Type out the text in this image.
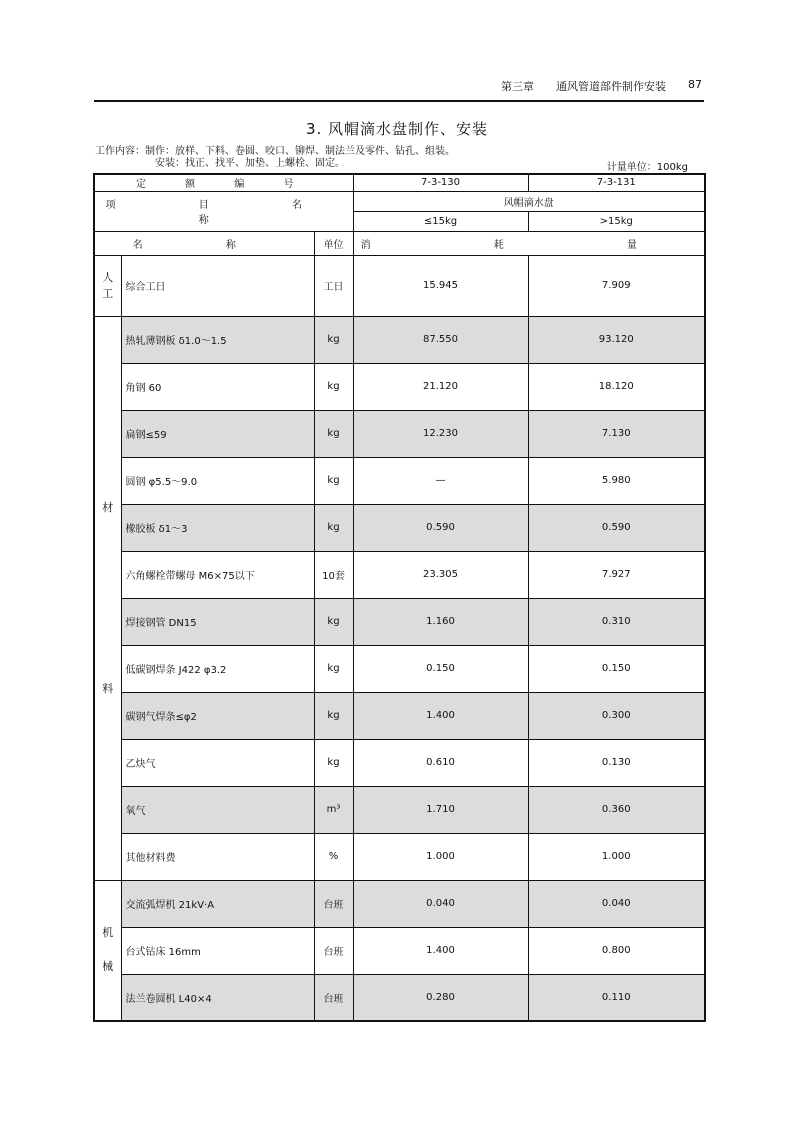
第三章 通风管道部件制作安装 87
3. 风帽滴水盘制作、安装
工作内容：制作：放样、下料、卷圆、咬口、铆焊、制法兰及零件、钻孔、组装。
安装：找正、找平、加垫、上螺栓、固定。	计量单位：100kg
定 额 编 号			7-3-130	7-3-131
项 目 名 称			风帽滴水盘	
			≤15kg	>15kg
名 称		单位	消 耗 量	

人
工	综合工日	工日	15.945	7.909

材
料	热轧薄钢板 δ1.0～1.5	kg	87.550	93.120
	角钢 60	kg	21.120	18.120
	扁钢≤59	kg	12.230	7.130
	圆钢 φ5.5～9.0	kg	—	5.980
	橡胶板 δ1～3	kg	0.590	0.590
	六角螺栓带螺母 M6×75以下	10套	23.305	7.927
	焊接钢管 DN15	kg	1.160	0.310
	低碳钢焊条 J422 φ3.2	kg	0.150	0.150
	碳钢气焊条≤φ2	kg	1.400	0.300
	乙炔气	kg	0.610	0.130
	氧气	m³	1.710	0.360
	其他材料费	%	1.000	1.000

机
械	交流弧焊机 21kV·A	台班	0.040	0.040
	台式钻床 16mm	台班	1.400	0.800
	法兰卷圆机 L40×4	台班	0.280	0.110
